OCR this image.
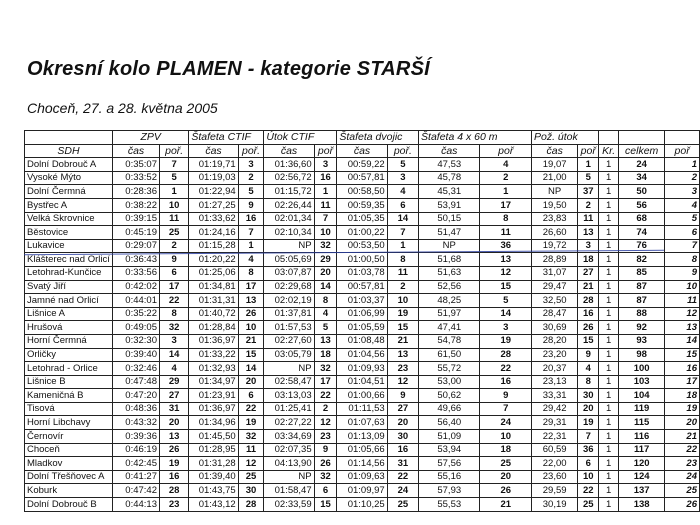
Okresní kolo PLAMEN - kategorie STARŠÍ
Choceň, 27. a 28. května 2005
	ZPV		Štafeta CTIF		Útok CTIF		Štafeta dvojic		Štafeta 4 x 60 m		Pož. útok				
SDH	čas	poř.	čas	poř.	čas	poř	čas	poř.	čas	poř	čas	poř	Kr.	celkem	poř
Dolní Dobrouč A	0:35:07	7	01:19,71	3	01:36,60	3	00:59,22	5	47,53	4	19,07	1	1	24	1
Vysoké Mýto	0:33:52	5	01:19,03	2	02:56,72	16	00:57,81	3	45,78	2	21,00	5	1	34	2
Dolní Čermná	0:28:36	1	01:22,94	5	01:15,72	1	00:58,50	4	45,31	1	NP	37	1	50	3
Bystřec A	0:38:22	10	01:27,25	9	02:26,44	11	00:59,35	6	53,91	17	19,50	2	1	56	4
Velká Skrovnice	0:39:15	11	01:33,62	16	02:01,34	7	01:05,35	14	50,15	8	23,83	11	1	68	5
Běstovice	0:45:19	25	01:24,16	7	02:10,34	10	01:00,22	7	51,47	11	26,60	13	1	74	6
Lukavice	0:29:07	2	01:15,28	1	NP	32	00:53,50	1	NP	36	19,72	3	1	76	7
Klášterec nad Orlicí	0:36:43	9	01:20,22	4	05:05,69	29	01:00,50	8	51,68	13	28,89	18	1	82	8
Letohrad-Kunčice	0:33:56	6	01:25,06	8	03:07,87	20	01:03,78	11	51,63	12	31,07	27	1	85	9
Svatý Jiří	0:42:02	17	01:34,81	17	02:29,68	14	00:57,81	2	52,56	15	29,47	21	1	87	10
Jamné nad Orlicí	0:44:01	22	01:31,31	13	02:02,19	8	01:03,37	10	48,25	5	32,50	28	1	87	11
Lišnice A	0:35:22	8	01:40,72	26	01:37,81	4	01:06,99	19	51,97	14	28,47	16	1	88	12
Hrušová	0:49:05	32	01:28,84	10	01:57,53	5	01:05,59	15	47,41	3	30,69	26	1	92	13
Horní Čermná	0:32:30	3	01:36,97	21	02:27,60	13	01:08,48	21	54,78	19	28,20	15	1	93	14
Orličky	0:39:40	14	01:33,22	15	03:05,79	18	01:04,56	13	61,50	28	23,20	9	1	98	15
Letohrad - Orlice	0:32:46	4	01:32,93	14	NP	32	01:09,93	23	55,72	22	20,37	4	1	100	16
Lišnice B	0:47:48	29	01:34,97	20	02:58,47	17	01:04,51	12	53,00	16	23,13	8	1	103	17
Kameničná B	0:47:20	27	01:23,91	6	03:13,03	22	01:00,66	9	50,62	9	33,31	30	1	104	18
Tisová	0:48:36	31	01:36,97	22	01:25,41	2	01:11,53	27	49,66	7	29,42	20	1	119	19
Horní Libchavy	0:43:32	20	01:34,96	19	02:27,22	12	01:07,63	20	56,40	24	29,31	19	1	115	20
Černovír	0:39:36	13	01:45,50	32	03:34,69	23	01:13,09	30	51,09	10	22,31	7	1	116	21
Choceň	0:46:19	26	01:28,95	11	02:07,35	9	01:05,66	16	53,94	18	60,59	36	1	117	22
Mladkov	0:42:45	19	01:31,28	12	04:13,90	26	01:14,56	31	57,56	25	22,00	6	1	120	23
Dolní Třešňovec A	0:41:27	16	01:39,40	25	NP	32	01:09,63	22	55,16	20	23,60	10	1	124	24
Koburk	0:47:42	28	01:43,75	30	01:58,47	6	01:09,97	24	57,93	26	29,59	22	1	137	25
Dolní Dobrouč B	0:44:13	23	01:43,12	28	02:33,59	15	01:10,25	25	55,53	21	30,19	25	1	138	26
